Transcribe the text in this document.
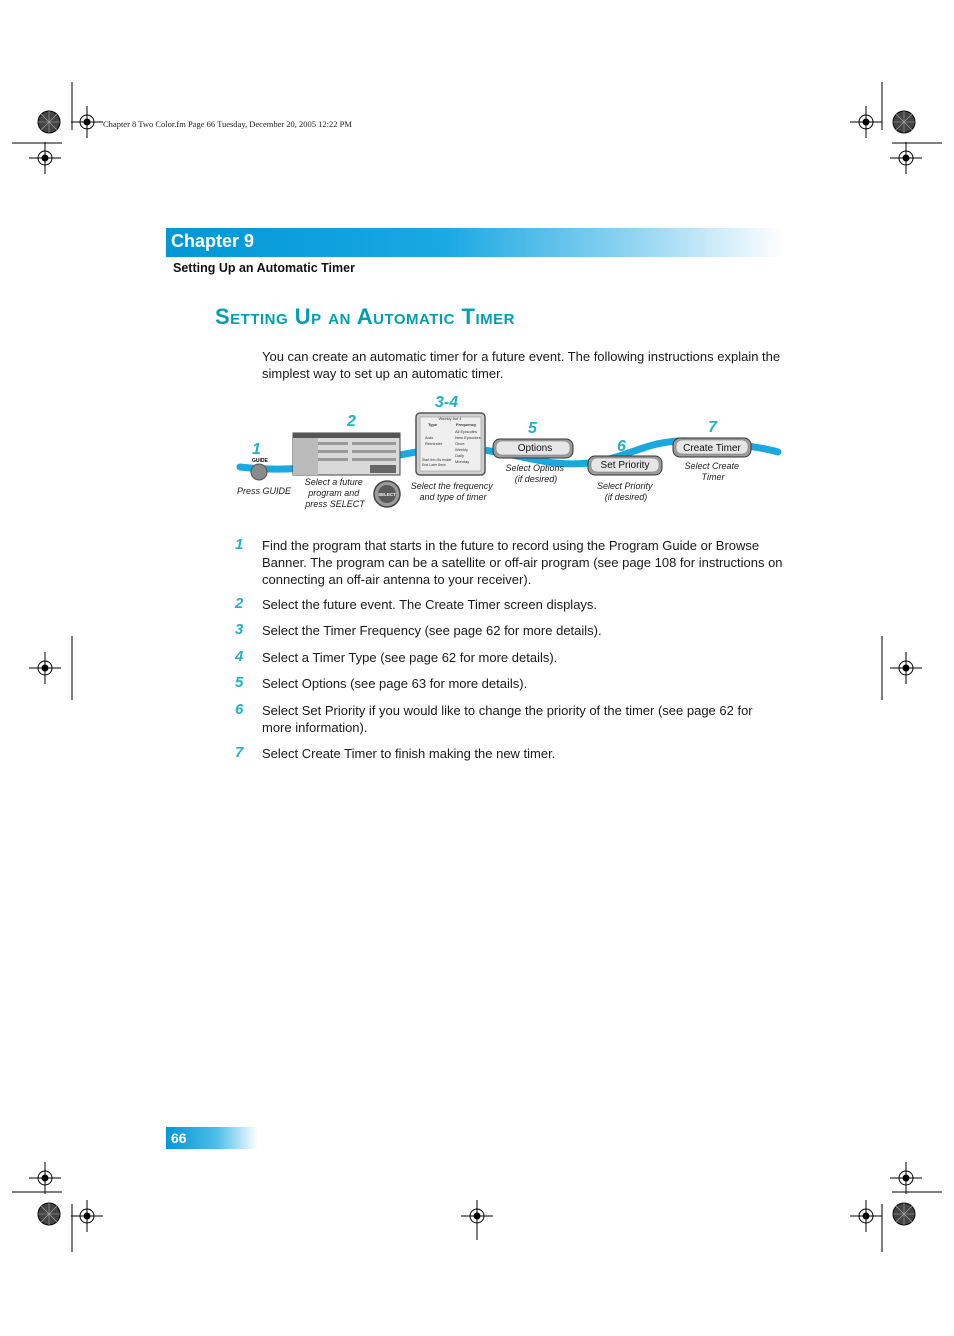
Chapter 8 Two Color.fm Page 66 Tuesday, December 20, 2005 12:22 PM
Chapter 9
Setting Up an Automatic Timer
Setting Up an Automatic Timer
You can create an automatic timer for a future event. The following instructions explain the simplest way to set up an automatic timer.
1
GUIDE
Press GUIDE
2
Select a future program and press SELECT
SELECT
3-4
Weekly 6of 4
Type	Frequency
Auto
Reminder
All Episodes
New Episodes
Once
Weekly
Daily
Monday
Start thru 8s Inside
End Later 8min
Select the frequency and type of timer
5
Options
Select Options (if desired)
6
Set Priority
Select Priority (if desired)
7
Create Timer
Select Create Timer
1	Find the program that starts in the future to record using the Program Guide or Browse Banner. The program can be a satellite or off-air program (see page 108 for instructions on connecting an off-air antenna to your receiver).
2	Select the future event. The Create Timer screen displays.
3	Select the Timer Frequency (see page 62 for more details).
4	Select a Timer Type (see page 62 for more details).
5	Select Options (see page 63 for more details).
6	Select Set Priority if you would like to change the priority of the timer (see page 62 for more information).
7	Select Create Timer to finish making the new timer.
66
